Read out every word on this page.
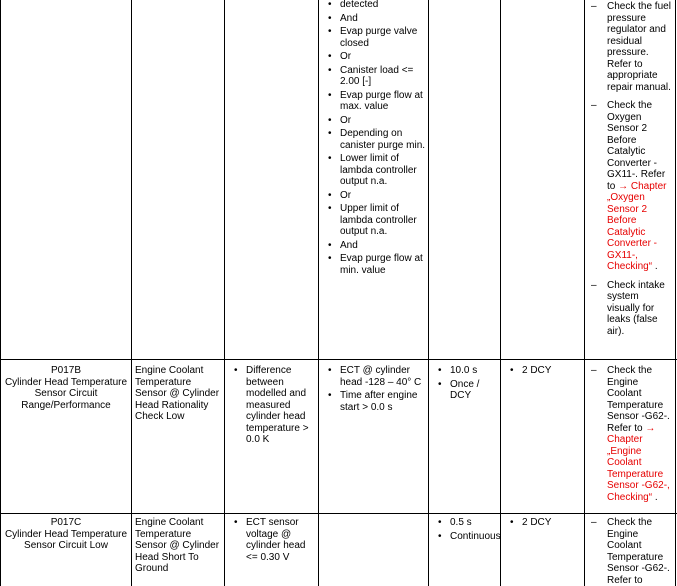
• detected
• And
• Evap purge valve closed
• Or
• Canister load <= 2.00 [-]
• Evap purge flow at max. value
• Or
• Depending on canister purge min.
• Lower limit of lambda controller output n.a.
• Or
• Upper limit of lambda controller output n.a.
• And
• Evap purge flow at min. value
– Check the fuel pressure regulator and residual pressure. Refer to appropriate repair manual.
– Check the Oxygen Sensor 2 Before Catalytic Converter -GX11-. Refer to → Chapter „Oxygen Sensor 2 Before Catalytic Converter -GX11-, Checking“ .
– Check intake system visually for leaks (false air).
P017B
Cylinder Head Temperature Sensor Circuit Range/Performance
Engine Coolant Temperature Sensor @ Cylinder Head Rationality Check Low
• Difference between modelled and measured cylinder head temperature > 0.0 K
• ECT @ cylinder head -128 – 40° C
• Time after engine start > 0.0 s
• 10.0 s
• Once / DCY
• 2 DCY	– Check the Engine Coolant Temperature Sensor -G62-. Refer to → Chapter „Engine Coolant Temperature Sensor -G62-, Checking“ .
P017C
Cylinder Head Temperature Sensor Circuit Low
Engine Coolant Temperature Sensor @ Cylinder Head Short To Ground
• ECT sensor voltage @ cylinder head <= 0.30 V
• 0.5 s
• Continuous
• 2 DCY	– Check the Engine Coolant Temperature Sensor -G62-. Refer to
